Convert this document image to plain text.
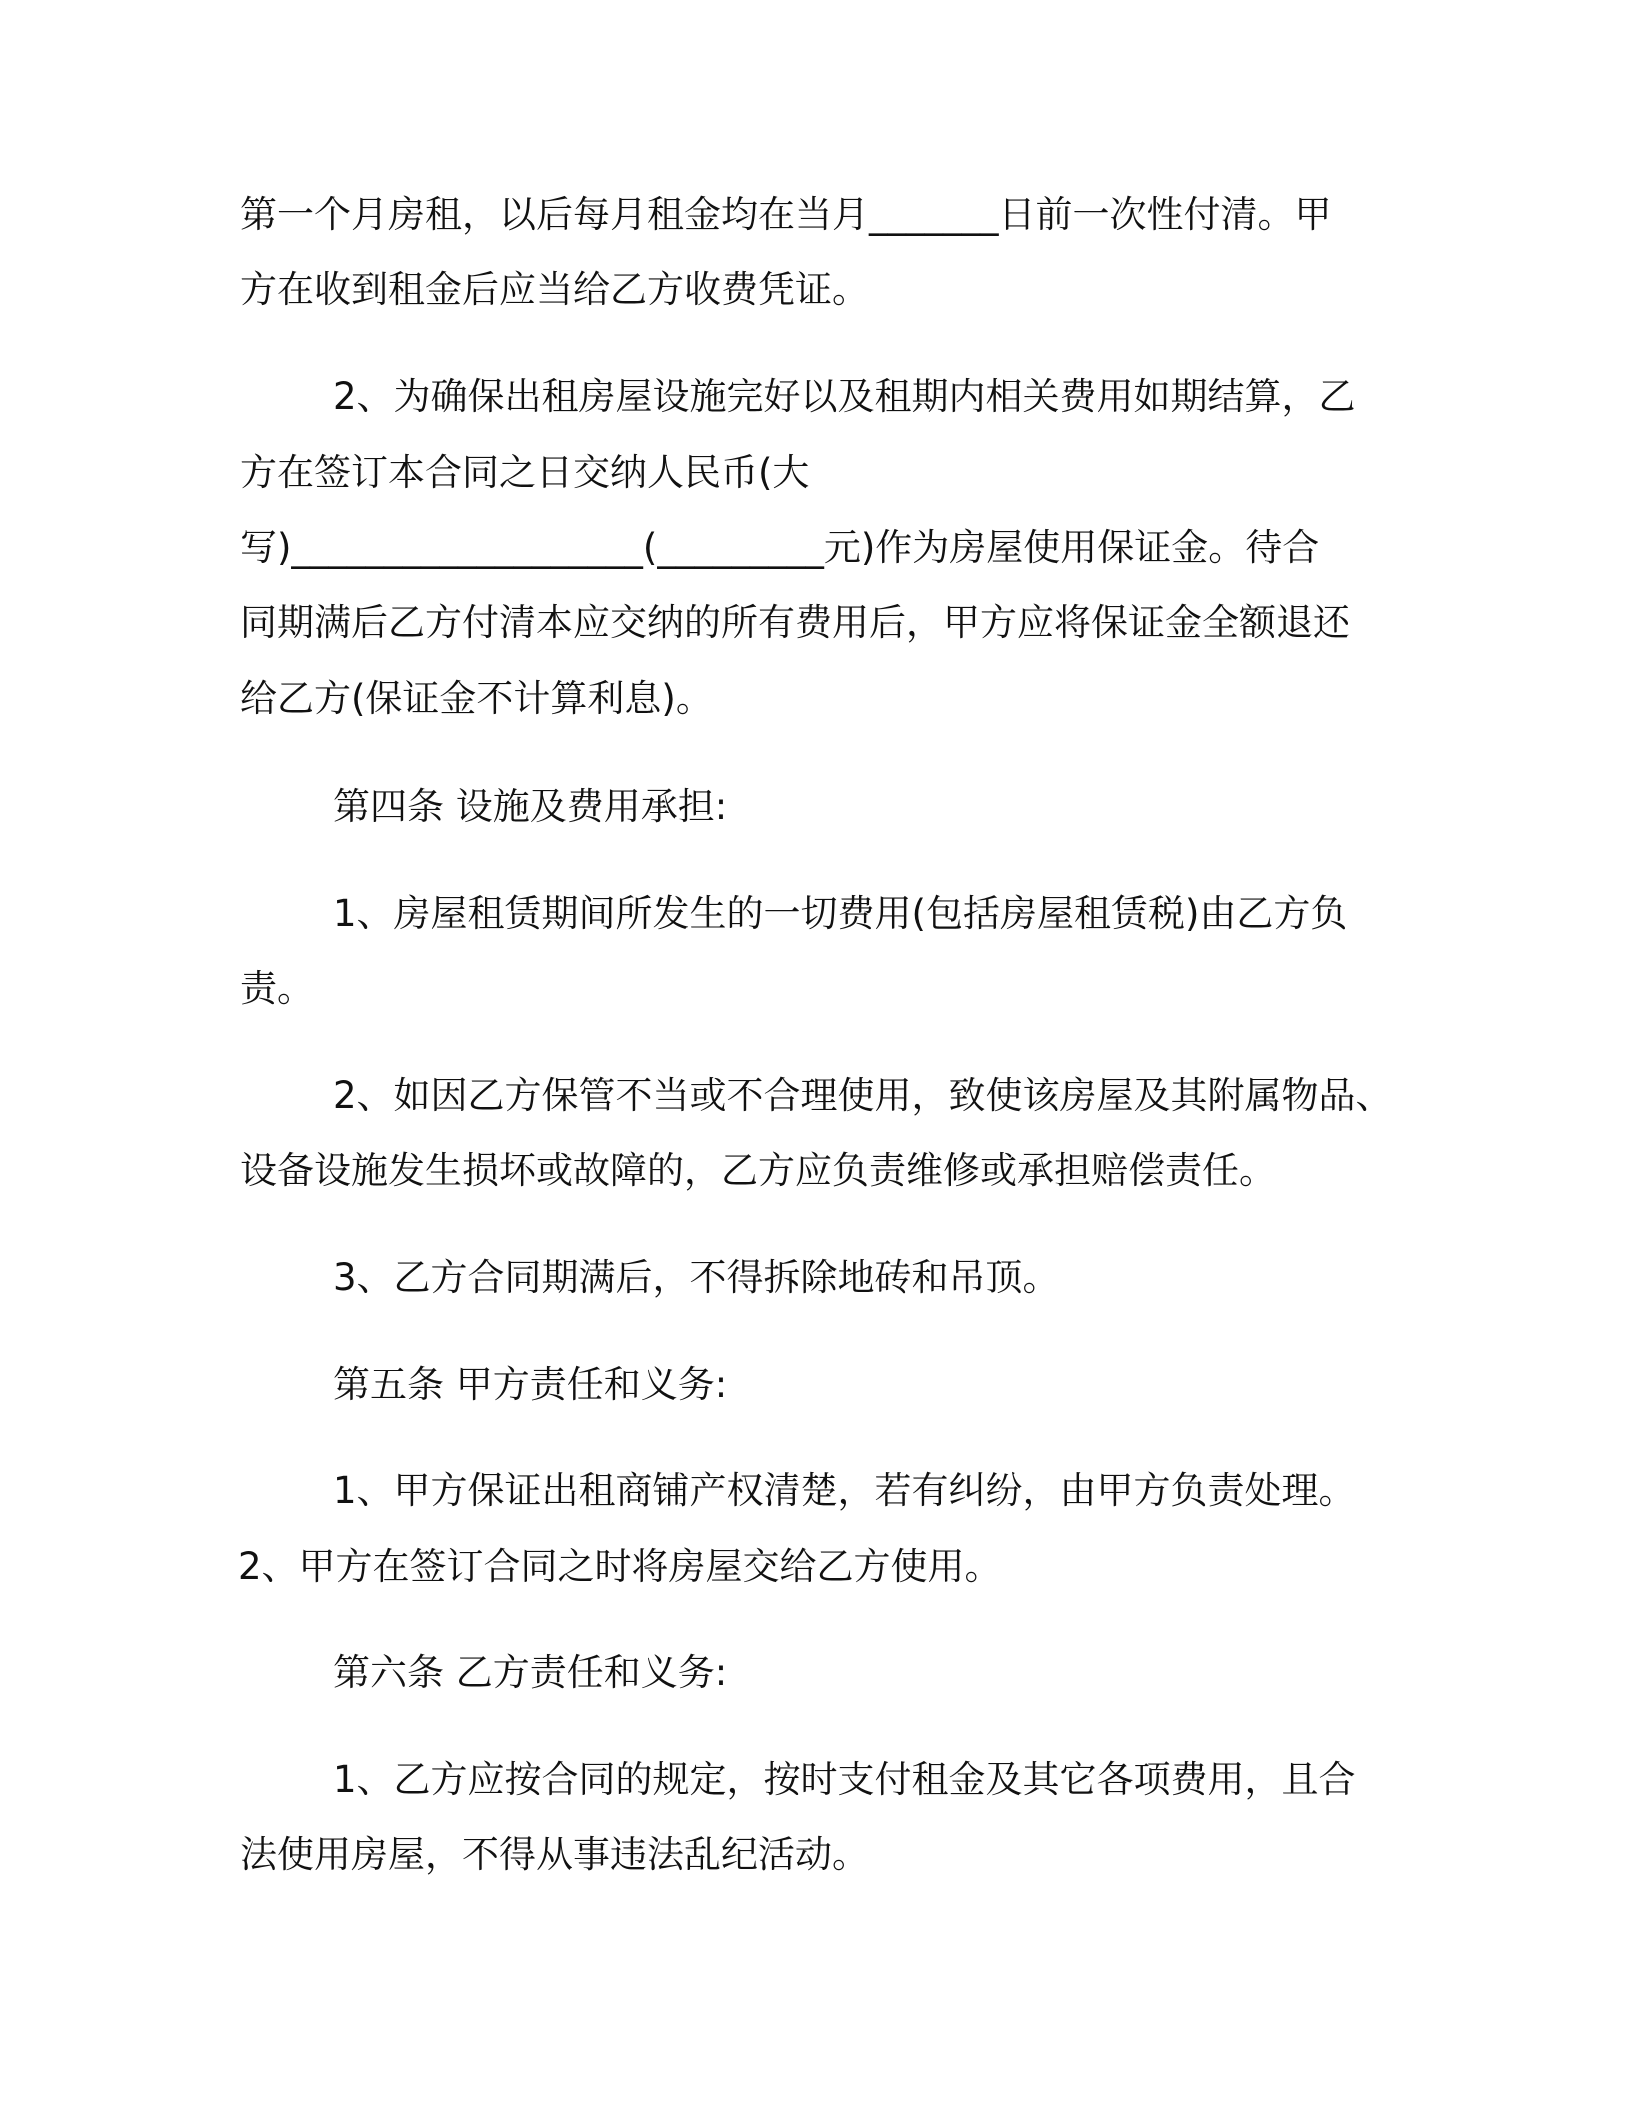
第一个月房租，以后每月租金均在当月_______日前一次性付清。甲
方在收到租金后应当给乙方收费凭证。
2、为确保出租房屋设施完好以及租期内相关费用如期结算，乙
方在签订本合同之日交纳人民币(大
写)___________________(_________元)作为房屋使用保证金。待合
同期满后乙方付清本应交纳的所有费用后，甲方应将保证金全额退还
给乙方(保证金不计算利息)。
第四条 设施及费用承担:
1、房屋租赁期间所发生的一切费用(包括房屋租赁税)由乙方负
责。
2、如因乙方保管不当或不合理使用，致使该房屋及其附属物品、
设备设施发生损坏或故障的，乙方应负责维修或承担赔偿责任。
3、乙方合同期满后，不得拆除地砖和吊顶。
第五条 甲方责任和义务:
1、甲方保证出租商铺产权清楚，若有纠纷，由甲方负责处理。
2、甲方在签订合同之时将房屋交给乙方使用。
第六条 乙方责任和义务:
1、乙方应按合同的规定，按时支付租金及其它各项费用，且合
法使用房屋，不得从事违法乱纪活动。
